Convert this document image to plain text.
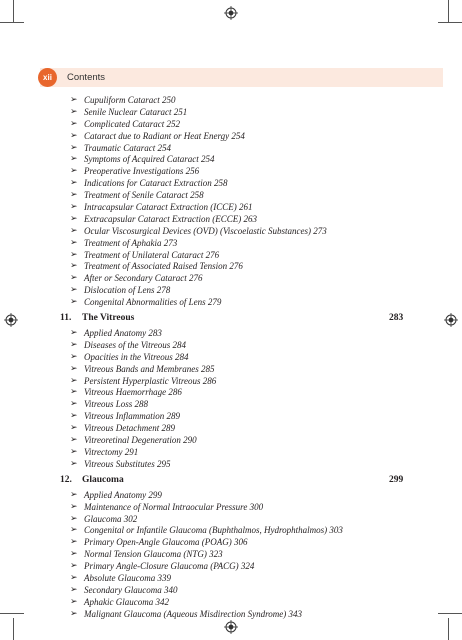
xii	Contents
➢ Cupuliform Cataract 250
➢ Senile Nuclear Cataract 251
➢ Complicated Cataract 252
➢ Cataract due to Radiant or Heat Energy 254
➢ Traumatic Cataract 254
➢ Symptoms of Acquired Cataract 254
➢ Preoperative Investigations 256
➢ Indications for Cataract Extraction 258
➢ Treatment of Senile Cataract 258
➢ Intracapsular Cataract Extraction (ICCE) 261
➢ Extracapsular Cataract Extraction (ECCE) 263
➢ Ocular Viscosurgical Devices (OVD) (Viscoelastic Substances) 273
➢ Treatment of Aphakia 273
➢ Treatment of Unilateral Cataract 276
➢ Treatment of Associated Raised Tension 276
➢ After or Secondary Cataract 276
➢ Dislocation of Lens 278
➢ Congenital Abnormalities of Lens 279
11. The Vitreous	283
➢ Applied Anatomy 283
➢ Diseases of the Vitreous 284
➢ Opacities in the Vitreous 284
➢ Vitreous Bands and Membranes 285
➢ Persistent Hyperplastic Vitreous 286
➢ Vitreous Haemorrhage 286
➢ Vitreous Loss 288
➢ Vitreous Inflammation 289
➢ Vitreous Detachment 289
➢ Vitreoretinal Degeneration 290
➢ Vitrectomy 291
➢ Vitreous Substitutes 295
12. Glaucoma	299
➢ Applied Anatomy 299
➢ Maintenance of Normal Intraocular Pressure 300
➢ Glaucoma 302
➢ Congenital or Infantile Glaucoma (Buphthalmos, Hydrophthalmos) 303
➢ Primary Open-Angle Glaucoma (POAG) 306
➢ Normal Tension Glaucoma (NTG) 323
➢ Primary Angle-Closure Glaucoma (PACG) 324
➢ Absolute Glaucoma 339
➢ Secondary Glaucoma 340
➢ Aphakic Glaucoma 342
➢ Malignant Glaucoma (Aqueous Misdirection Syndrome) 343
